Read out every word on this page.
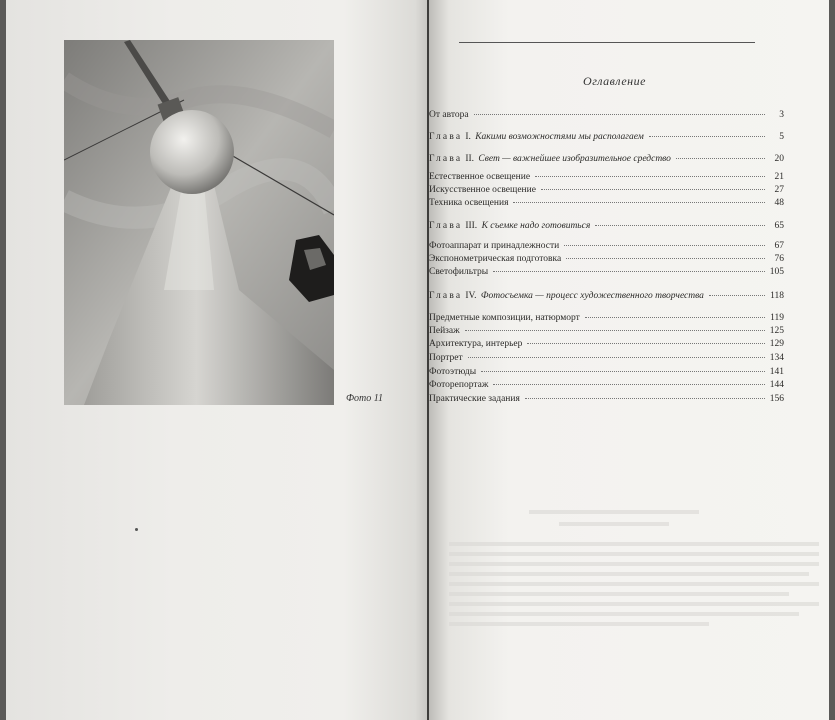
Фото 11
Оглавление
От автора	3
Глава I. Какими возможностями мы располагаем	5
Глава II. Свет — важнейшее изобразительное средство	20
Естественное освещение	21
Искусственное освещение	27
Техника освещения	48
Глава III. К съемке надо готовиться	65
Фотоаппарат и принадлежности	67
Экспонометрическая подготовка	76
Светофильтры	105
Глава IV. Фотосъемка — процесс художественного творчества	118
Предметные композиции, натюрморт	119
Пейзаж	125
Архитектура, интерьер	129
Портрет	134
Фотоэтюды	141
Фоторепортаж	144
Практические задания	156
